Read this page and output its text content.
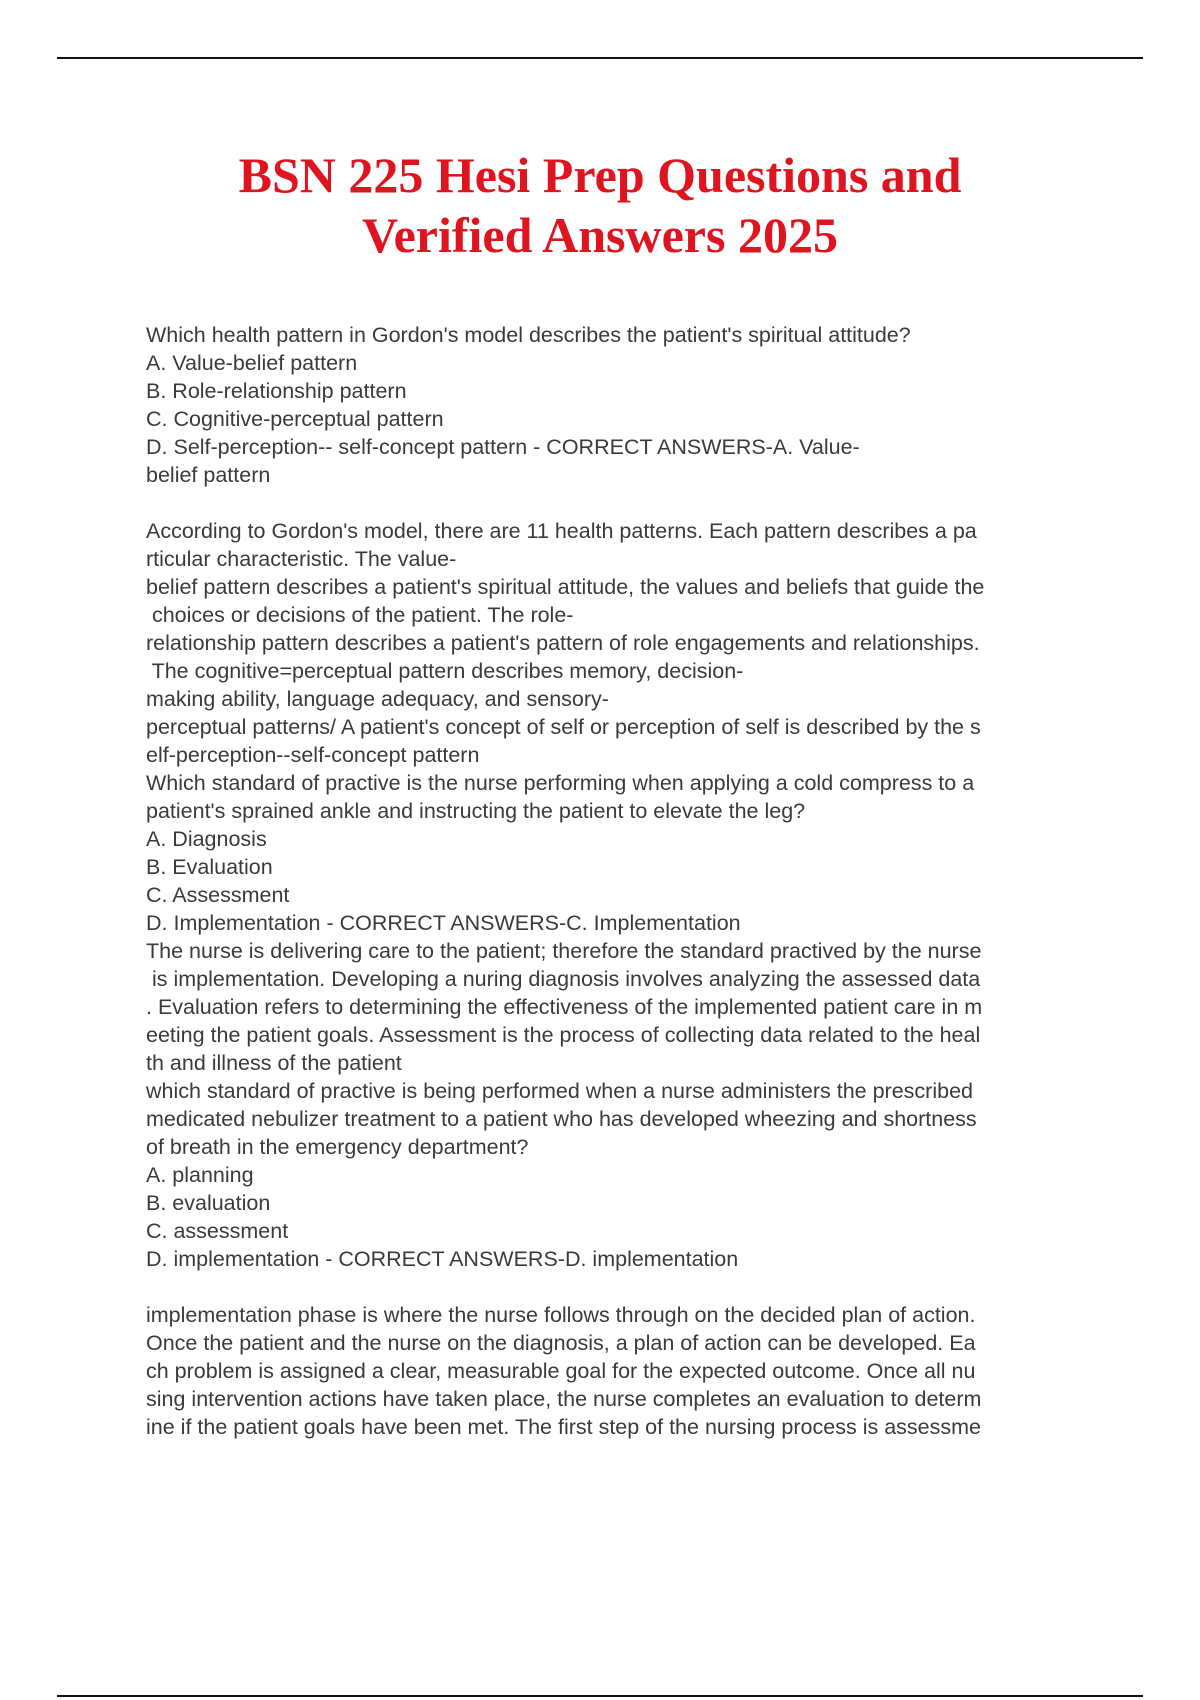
BSN 225 Hesi Prep Questions and
Verified Answers 2025
Which health pattern in Gordon's model describes the patient's spiritual attitude?
A. Value-belief pattern
B. Role-relationship pattern
C. Cognitive-perceptual pattern
D. Self-perception-- self-concept pattern - CORRECT ANSWERS-A. Value-
belief pattern
According to Gordon's model, there are 11 health patterns. Each pattern describes a pa
rticular characteristic. The value-
belief pattern describes a patient's spiritual attitude, the values and beliefs that guide the
choices or decisions of the patient. The role-
relationship pattern describes a patient's pattern of role engagements and relationships.
The cognitive=perceptual pattern describes memory, decision-
making ability, language adequacy, and sensory-
perceptual patterns/ A patient's concept of self or perception of self is described by the s
elf-perception--self-concept pattern
Which standard of practive is the nurse performing when applying a cold compress to a
patient's sprained ankle and instructing the patient to elevate the leg?
A. Diagnosis
B. Evaluation
C. Assessment
D. Implementation - CORRECT ANSWERS-C. Implementation
The nurse is delivering care to the patient; therefore the standard practived by the nurse
is implementation. Developing a nuring diagnosis involves analyzing the assessed data
. Evaluation refers to determining the effectiveness of the implemented patient care in m
eeting the patient goals. Assessment is the process of collecting data related to the heal
th and illness of the patient
which standard of practive is being performed when a nurse administers the prescribed
medicated nebulizer treatment to a patient who has developed wheezing and shortness
of breath in the emergency department?
A. planning
B. evaluation
C. assessment
D. implementation - CORRECT ANSWERS-D. implementation
implementation phase is where the nurse follows through on the decided plan of action.
Once the patient and the nurse on the diagnosis, a plan of action can be developed. Ea
ch problem is assigned a clear, measurable goal for the expected outcome. Once all nu
sing intervention actions have taken place, the nurse completes an evaluation to determ
ine if the patient goals have been met. The first step of the nursing process is assessme
